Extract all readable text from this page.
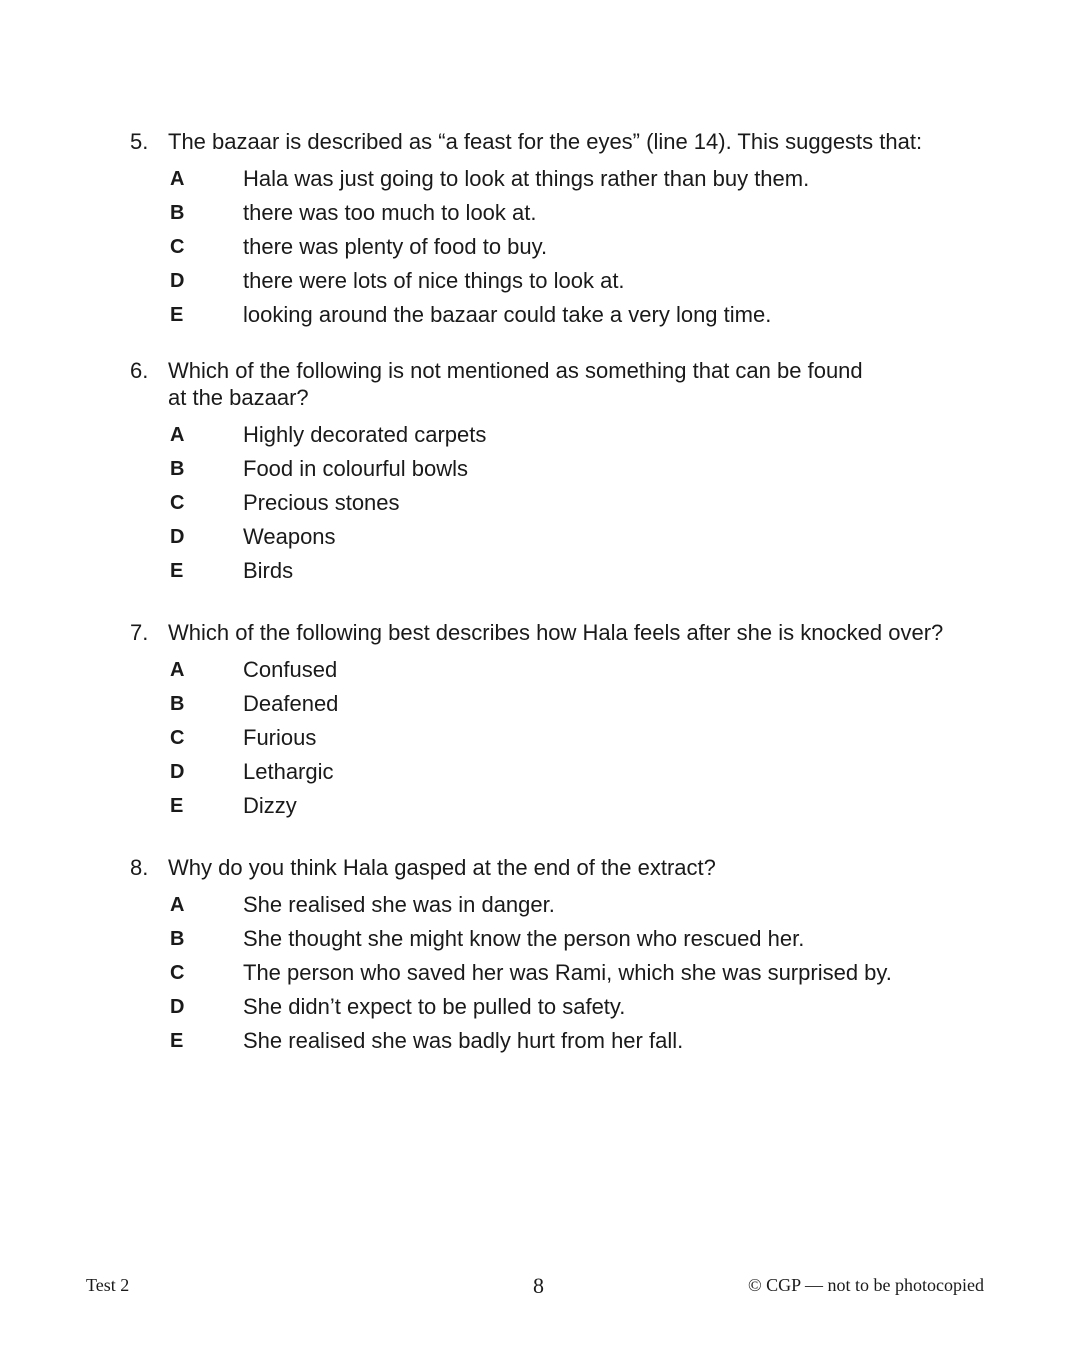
5. The bazaar is described as “a feast for the eyes” (line 14). This suggests that:
A	Hala was just going to look at things rather than buy them.
B	there was too much to look at.
C	there was plenty of food to buy.
D	there were lots of nice things to look at.
E	looking around the bazaar could take a very long time.
6. Which of the following is not mentioned as something that can be found
at the bazaar?
A	Highly decorated carpets
B	Food in colourful bowls
C	Precious stones
D	Weapons
E	Birds
7. Which of the following best describes how Hala feels after she is knocked over?
A	Confused
B	Deafened
C	Furious
D	Lethargic
E	Dizzy
8. Why do you think Hala gasped at the end of the extract?
A	She realised she was in danger.
B	She thought she might know the person who rescued her.
C	The person who saved her was Rami, which she was surprised by.
D	She didn’t expect to be pulled to safety.
E	She realised she was badly hurt from her fall.
Test 2	8	© CGP — not to be photocopied
